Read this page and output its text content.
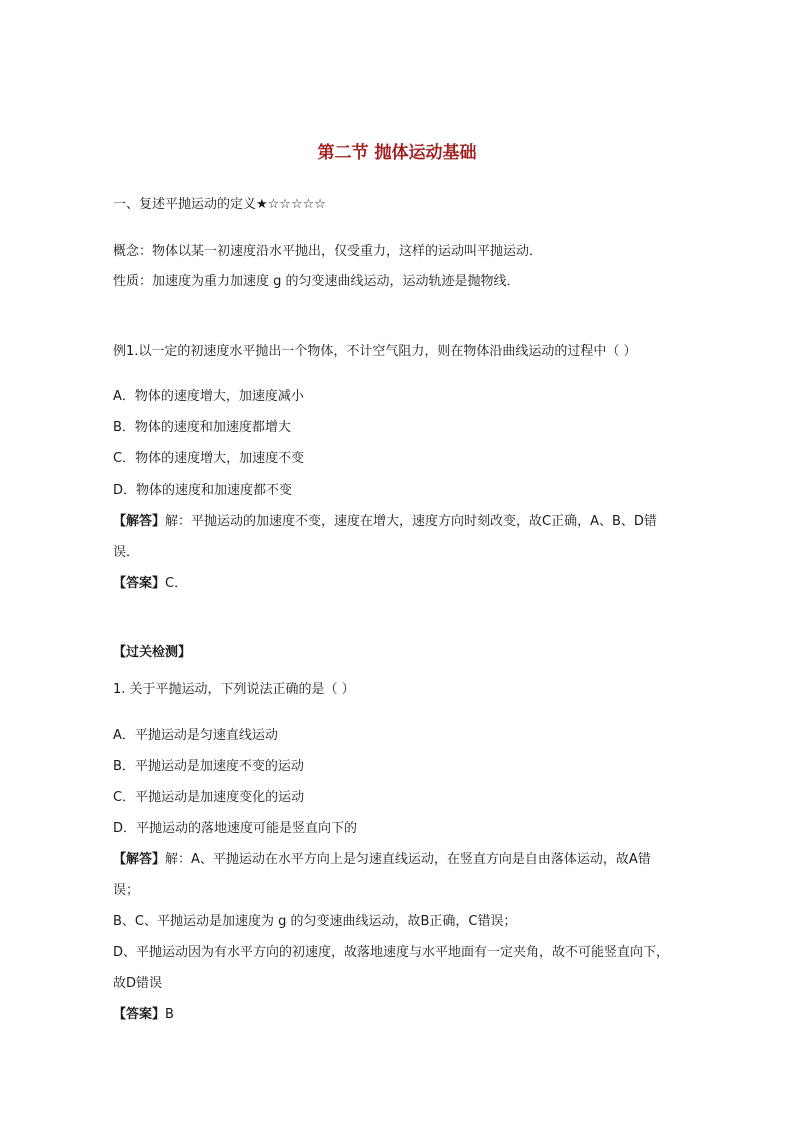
第二节 抛体运动基础
一、复述平抛运动的定义★☆☆☆☆☆
概念：物体以某一初速度沿水平抛出，仅受重力，这样的运动叫平抛运动．
性质：加速度为重力加速度 g 的匀变速曲线运动，运动轨迹是抛物线．
例1.以一定的初速度水平抛出一个物体，不计空气阻力，则在物体沿曲线运动的过程中（ ）
A．物体的速度增大，加速度减小
B．物体的速度和加速度都增大
C．物体的速度增大，加速度不变
D．物体的速度和加速度都不变
【解答】解：平抛运动的加速度不变，速度在增大，速度方向时刻改变，故C正确，A、B、D错
误．
【答案】C．
【过关检测】
1. 关于平抛运动，下列说法正确的是（ ）
A．平抛运动是匀速直线运动
B．平抛运动是加速度不变的运动
C．平抛运动是加速度变化的运动
D．平抛运动的落地速度可能是竖直向下的
【解答】解：A、平抛运动在水平方向上是匀速直线运动，在竖直方向是自由落体运动，故A错
误；
B、C、平抛运动是加速度为 g 的匀变速曲线运动，故B正确，C错误；
D、平抛运动因为有水平方向的初速度，故落地速度与水平地面有一定夹角，故不可能竖直向下，
故D错误
【答案】B
